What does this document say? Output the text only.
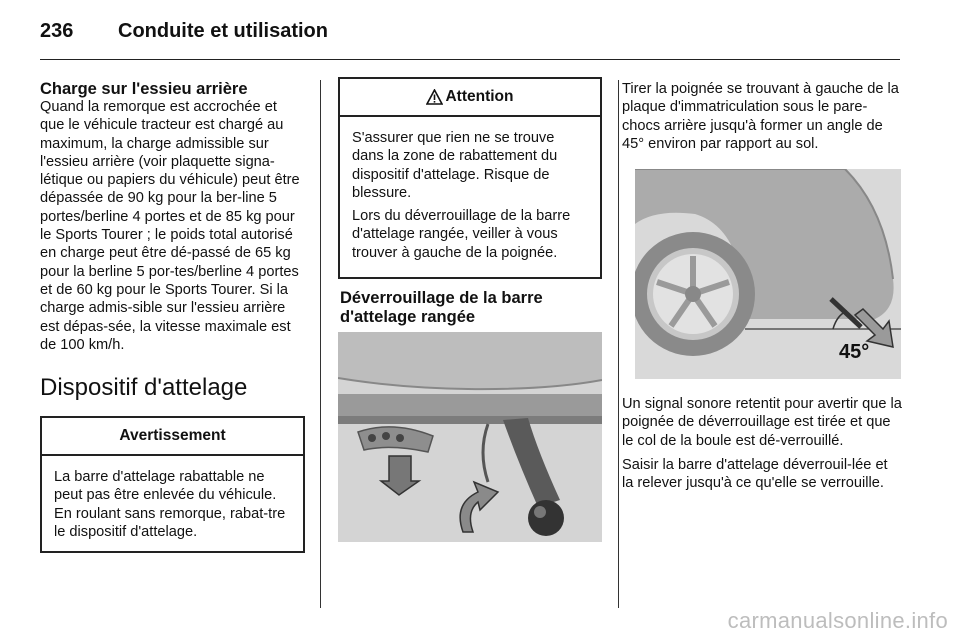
236 Conduite et utilisation
Charge sur l'essieu arrière

Quand la remorque est accrochée et que le véhicule tracteur est chargé au maximum, la charge admissible sur l'essieu arrière (voir plaquette signa-létique ou papiers du véhicule) peut être dépassée de 90 kg pour la ber-line 5 portes/berline 4 portes et de 85 kg pour le Sports Tourer ; le poids total autorisé en charge peut être dé-passé de 65 kg pour la berline 5 por-tes/berline 4 portes et de 60 kg pour le Sports Tourer. Si la charge admis-sible sur l'essieu arrière est dépas-sée, la vitesse maximale est de 100 km/h.

Dispositif d'attelage
Avertissement

La barre d'attelage rabattable ne peut pas être enlevée du véhicule. En roulant sans remorque, rabat-tre le dispositif d'attelage.

Attention

S'assurer que rien ne se trouve dans la zone de rabattement du dispositif d'attelage. Risque de blessure.

Lors du déverrouillage de la barre d'attelage rangée, veiller à vous trouver à gauche de la poignée.

Déverrouillage de la barre d'attelage rangée

Tirer la poignée se trouvant à gauche de la plaque d'immatriculation sous le pare-chocs arrière jusqu'à former un angle de 45° environ par rapport au sol.

45°

Un signal sonore retentit pour avertir que la poignée de déverrouillage est tirée et que le col de la boule est dé-verrouillé.

Saisir la barre d'attelage déverrouil-lée et la relever jusqu'à ce qu'elle se verrouille.

carmanualsonline.info
